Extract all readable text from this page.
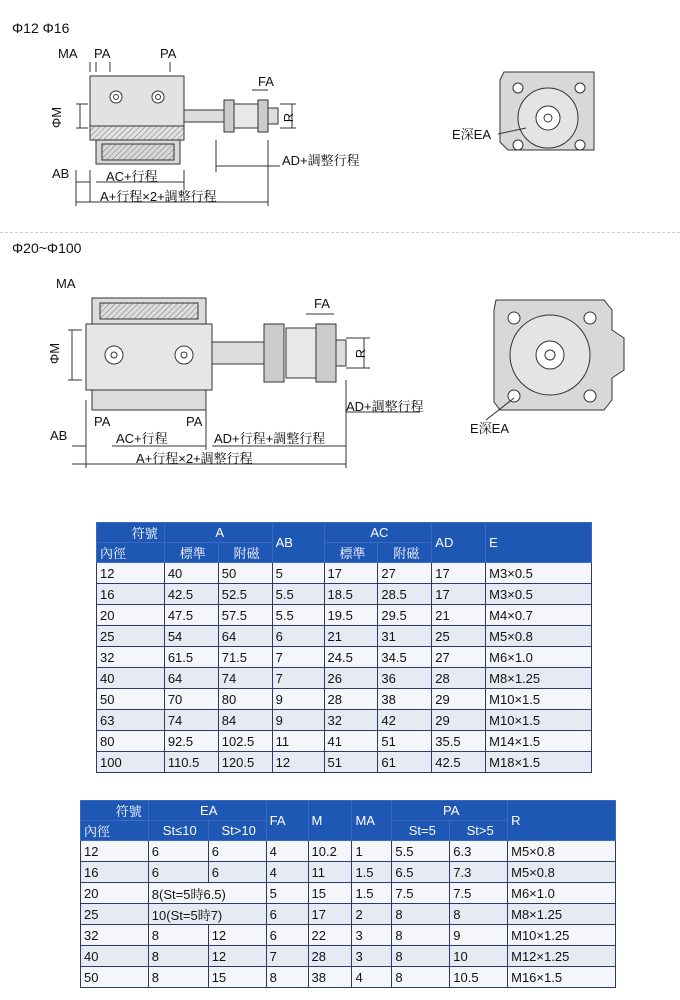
Φ12 Φ16
MA PA	PA
FA
ΦM	R
AB	AC+行程
AD+調整行程
A+行程×2+調整行程
E深EA
Φ20~Φ100
MA
FA
ΦM	R
AD+調整行程
PA	PA
AB	AC+行程	AD+行程+調整行程
A+行程×2+調整行程
E深EA
符號	A		AB	AC		AD	E
內徑	標準	附磁		標準	附磁		
12	40	50	5	17	27	17	M3×0.5
16	42.5	52.5	5.5	18.5	28.5	17	M3×0.5
20	47.5	57.5	5.5	19.5	29.5	21	M4×0.7
25	54	64	6	21	31	25	M5×0.8
32	61.5	71.5	7	24.5	34.5	27	M6×1.0
40	64	74	7	26	36	28	M8×1.25
50	70	80	9	28	38	29	M10×1.5
63	74	84	9	32	42	29	M10×1.5
80	92.5	102.5	11	41	51	35.5	M14×1.5
100	110.5	120.5	12	51	61	42.5	M18×1.5
符號	EA		FA	M	MA	PA		R
內徑	St≤10	St>10				St=5	St>5	
12	6	6	4	10.2	1	5.5	6.3	M5×0.8
16	6	6	4	11	1.5	6.5	7.3	M5×0.8
20	8(St=5時6.5)		5	15	1.5	7.5	7.5	M6×1.0
25	10(St=5時7)		6	17	2	8	8	M8×1.25
32	8	12	6	22	3	8	9	M10×1.25
40	8	12	7	28	3	8	10	M12×1.25
50	8	15	8	38	4	8	10.5	M16×1.5
